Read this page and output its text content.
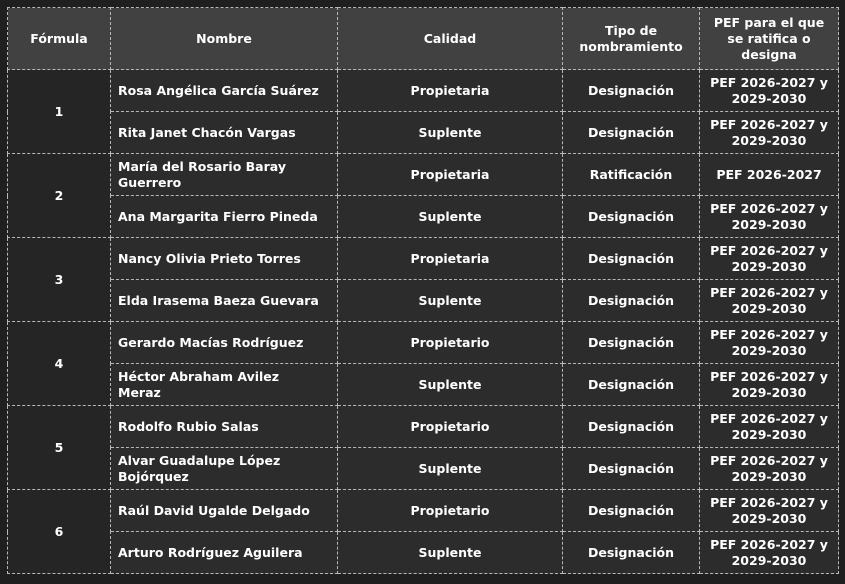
Fórmula	Nombre	Calidad	Tipo de nombramiento	PEF para el que se ratifica o designa
1	Rosa Angélica García Suárez	Propietaria	Designación	PEF 2026-2027 y 2029-2030
	Rita Janet Chacón Vargas	Suplente	Designación	PEF 2026-2027 y 2029-2030
2	María del Rosario Baray Guerrero	Propietaria	Ratificación	PEF 2026-2027
	Ana Margarita Fierro Pineda	Suplente	Designación	PEF 2026-2027 y 2029-2030
3	Nancy Olivia Prieto Torres	Propietaria	Designación	PEF 2026-2027 y 2029-2030
	Elda Irasema Baeza Guevara	Suplente	Designación	PEF 2026-2027 y 2029-2030
4	Gerardo Macías Rodríguez	Propietario	Designación	PEF 2026-2027 y 2029-2030
	Héctor Abraham Avilez Meraz	Suplente	Designación	PEF 2026-2027 y 2029-2030
5	Rodolfo Rubio Salas	Propietario	Designación	PEF 2026-2027 y 2029-2030
	Alvar Guadalupe López Bojórquez	Suplente	Designación	PEF 2026-2027 y 2029-2030
6	Raúl David Ugalde Delgado	Propietario	Designación	PEF 2026-2027 y 2029-2030
	Arturo Rodríguez Aguilera	Suplente	Designación	PEF 2026-2027 y 2029-2030
